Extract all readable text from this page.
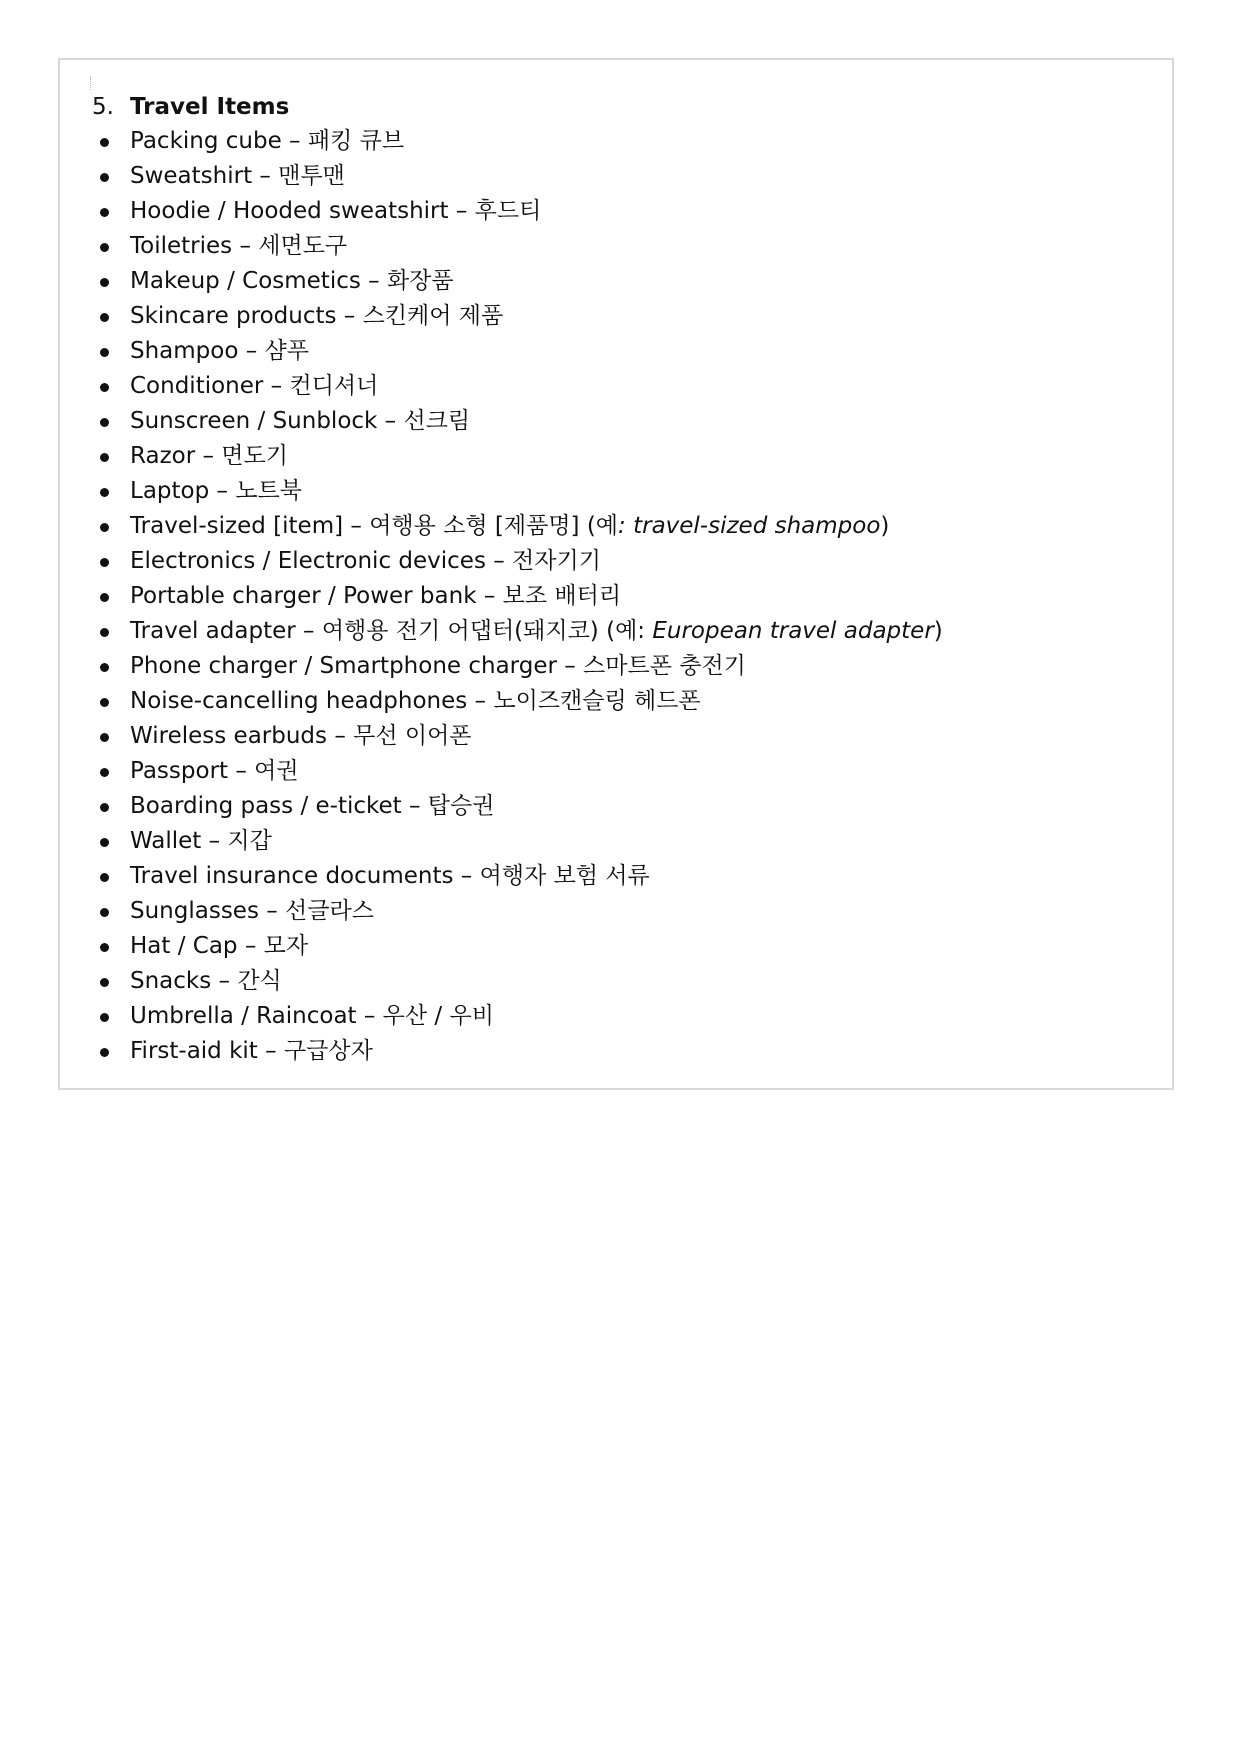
5. Travel Items
Packing cube – 패킹 큐브
Sweatshirt – 맨투맨
Hoodie / Hooded sweatshirt – 후드티
Toiletries – 세면도구
Makeup / Cosmetics – 화장품
Skincare products – 스킨케어 제품
Shampoo – 샴푸
Conditioner – 컨디셔너
Sunscreen / Sunblock – 선크림
Razor – 면도기
Laptop – 노트북
Travel-sized [item] – 여행용 소형 [제품명] (예: travel-sized shampoo)
Electronics / Electronic devices – 전자기기
Portable charger / Power bank – 보조 배터리
Travel adapter – 여행용 전기 어댑터(돼지코) (예: European travel adapter)
Phone charger / Smartphone charger – 스마트폰 충전기
Noise-cancelling headphones – 노이즈캔슬링 헤드폰
Wireless earbuds – 무선 이어폰
Passport – 여권
Boarding pass / e-ticket – 탑승권
Wallet – 지갑
Travel insurance documents – 여행자 보험 서류
Sunglasses – 선글라스
Hat / Cap – 모자
Snacks – 간식
Umbrella / Raincoat – 우산 / 우비
First-aid kit – 구급상자
